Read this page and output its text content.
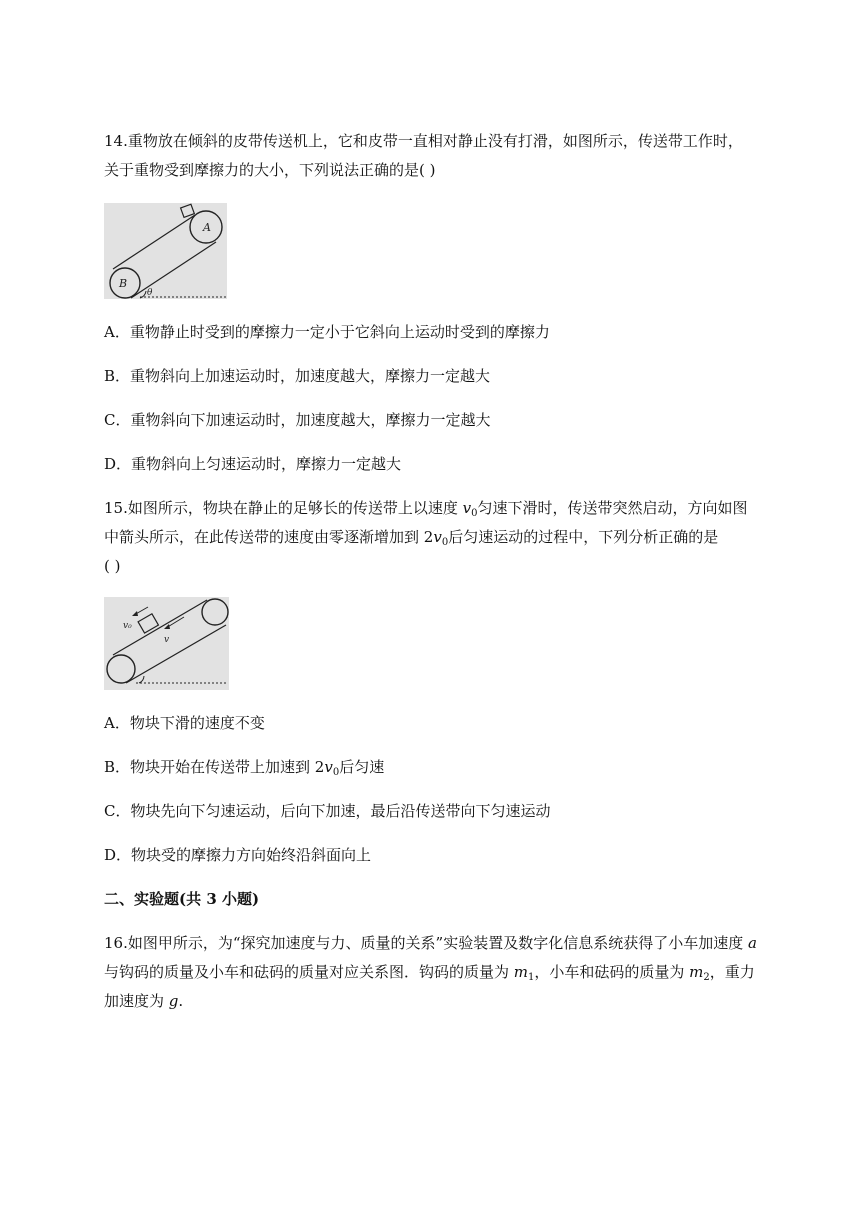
14.重物放在倾斜的皮带传送机上，它和皮带一直相对静止没有打滑，如图所示，传送带工作时，
关于重物受到摩擦力的大小，下列说法正确的是( )
A
B
θ
A．重物静止时受到的摩擦力一定小于它斜向上运动时受到的摩擦力
B．重物斜向上加速运动时，加速度越大，摩擦力一定越大
C．重物斜向下加速运动时，加速度越大，摩擦力一定越大
D．重物斜向上匀速运动时，摩擦力一定越大
15.如图所示，物块在静止的足够长的传送带上以速度 $v_0$匀速下滑时，传送带突然启动，方向如图
中箭头所示，在此传送带的速度由零逐渐增加到 $2v_0$后匀速运动的过程中，下列分析正确的是
( )
v₀
v
A．物块下滑的速度不变
B．物块开始在传送带上加速到 $2v_0$后匀速
C．物块先向下匀速运动，后向下加速，最后沿传送带向下匀速运动
D．物块受的摩擦力方向始终沿斜面向上
二、实验题(共 3 小题)
16.如图甲所示，为“探究加速度与力、质量的关系”实验装置及数字化信息系统获得了小车加速度 a
与钩码的质量及小车和砝码的质量对应关系图．钩码的质量为 $m_1$，小车和砝码的质量为 $m_2$，重力
加速度为 g.
